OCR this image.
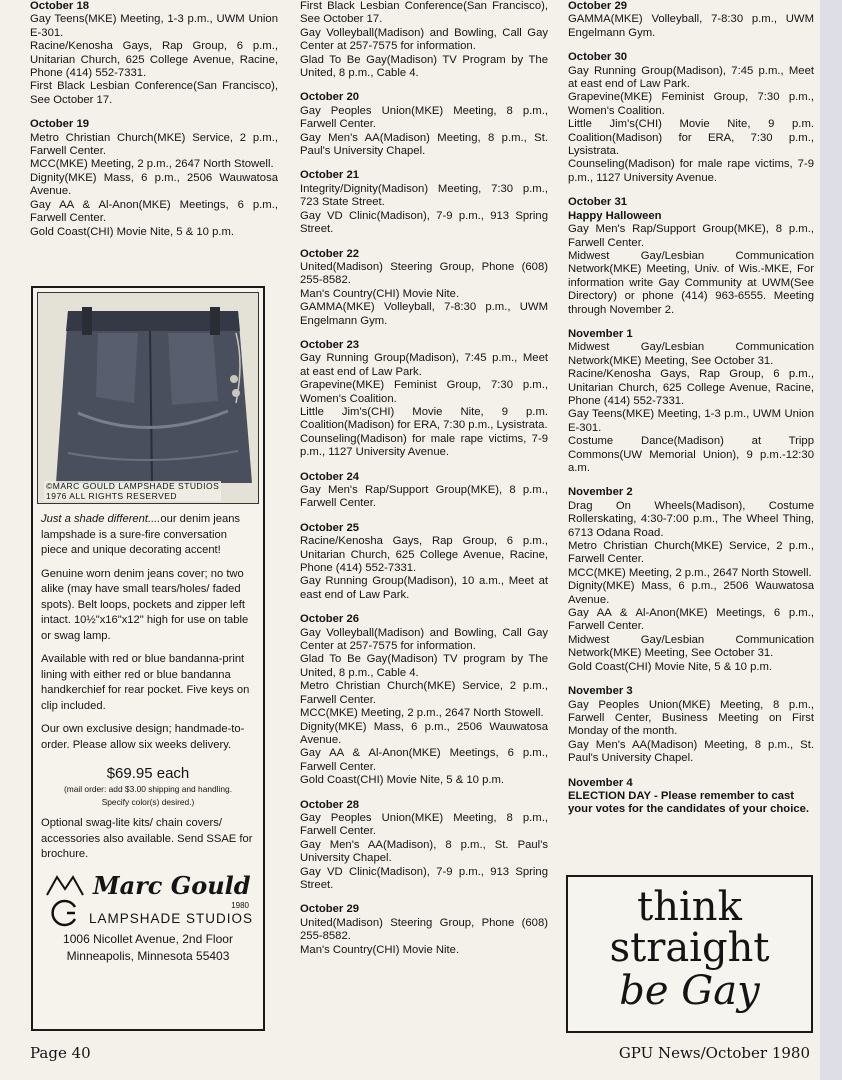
October 18
Gay Teens(MKE) Meeting, 1-3 p.m., UWM Union E-301.
Racine/Kenosha Gays, Rap Group, 6 p.m., Unitarian Church, 625 College Avenue, Racine, Phone (414) 552-7331.
First Black Lesbian Conference(San Francisco), See October 17.
October 19
Metro Christian Church(MKE) Service, 2 p.m., Farwell Center.
MCC(MKE) Meeting, 2 p.m., 2647 North Stowell.
Dignity(MKE) Mass, 6 p.m., 2506 Wauwatosa Avenue.
Gay AA & Al-Anon(MKE) Meetings, 6 p.m., Farwell Center.
Gold Coast(CHI) Movie Nite, 5 & 10 p.m.
©MARC GOULD LAMPSHADE STUDIOS
1976 ALL RIGHTS RESERVED

Just a shade different....our denim jeans lampshade is a sure-fire conversation piece and unique decorating accent!

Genuine worn denim jeans cover; no two alike (may have small tears/holes/ faded spots). Belt loops, pockets and zipper left intact. 10½"x16"x12" high for use on table or swag lamp.

Available with red or blue bandanna-print lining with either red or blue bandanna handkerchief for rear pocket. Five keys on clip included.

Our own exclusive design; handmade-to-order. Please allow six weeks delivery.

$69.95 each
(mail order: add $3.00 shipping and handling.
Specify color(s) desired.)

Optional swag-lite kits/ chain covers/ accessories also available. Send SSAE for brochure.

Marc Gould
1980
LAMPSHADE STUDIOS
1006 Nicollet Avenue, 2nd Floor
Minneapolis, Minnesota 55403
First Black Lesbian Conference(San Francisco), See October 17.
Gay Volleyball(Madison) and Bowling, Call Gay Center at 257-7575 for information.
Glad To Be Gay(Madison) TV Program by The United, 8 p.m., Cable 4.
October 20
Gay Peoples Union(MKE) Meeting, 8 p.m., Farwell Center.
Gay Men's AA(Madison) Meeting, 8 p.m., St. Paul's University Chapel.
October 21
Integrity/Dignity(Madison) Meeting, 7:30 p.m., 723 State Street.
Gay VD Clinic(Madison), 7-9 p.m., 913 Spring Street.
October 22
United(Madison) Steering Group, Phone (608) 255-8582.
Man's Country(CHI) Movie Nite.
GAMMA(MKE) Volleyball, 7-8:30 p.m., UWM Engelmann Gym.
October 23
Gay Running Group(Madison), 7:45 p.m., Meet at east end of Law Park.
Grapevine(MKE) Feminist Group, 7:30 p.m., Women's Coalition.
Little Jim's(CHI) Movie Nite, 9 p.m. Coalition(Madison) for ERA, 7:30 p.m., Lysistrata.
Counseling(Madison) for male rape victims, 7-9 p.m., 1127 University Avenue.
October 24
Gay Men's Rap/Support Group(MKE), 8 p.m., Farwell Center.
October 25
Racine/Kenosha Gays, Rap Group, 6 p.m., Unitarian Church, 625 College Avenue, Racine, Phone (414) 552-7331.
Gay Running Group(Madison), 10 a.m., Meet at east end of Law Park.
October 26
Gay Volleyball(Madison) and Bowling, Call Gay Center at 257-7575 for information.
Glad To Be Gay(Madison) TV program by The United, 8 p.m., Cable 4.
Metro Christian Church(MKE) Service, 2 p.m., Farwell Center.
MCC(MKE) Meeting, 2 p.m., 2647 North Stowell.
Dignity(MKE) Mass, 6 p.m., 2506 Wauwatosa Avenue.
Gay AA & Al-Anon(MKE) Meetings, 6 p.m., Farwell Center.
Gold Coast(CHI) Movie Nite, 5 & 10 p.m.
October 28
Gay Peoples Union(MKE) Meeting, 8 p.m., Farwell Center.
Gay Men's AA(Madison), 8 p.m., St. Paul's University Chapel.
Gay VD Clinic(Madison), 7-9 p.m., 913 Spring Street.
October 29
United(Madison) Steering Group, Phone (608) 255-8582.
Man's Country(CHI) Movie Nite.
October 29
GAMMA(MKE) Volleyball, 7-8:30 p.m., UWM Engelmann Gym.
October 30
Gay Running Group(Madison), 7:45 p.m., Meet at east end of Law Park.
Grapevine(MKE) Feminist Group, 7:30 p.m., Women's Coalition.
Little Jim's(CHI) Movie Nite, 9 p.m. Coalition(Madison) for ERA, 7:30 p.m., Lysistrata.
Counseling(Madison) for male rape victims, 7-9 p.m., 1127 University Avenue.
October 31
Happy Halloween
Gay Men's Rap/Support Group(MKE), 8 p.m., Farwell Center.
Midwest Gay/Lesbian Communication Network(MKE) Meeting, Univ. of Wis.-MKE, For information write Gay Community at UWM(See Directory) or phone (414) 963-6555. Meeting through November 2.
November 1
Midwest Gay/Lesbian Communication Network(MKE) Meeting, See October 31.
Racine/Kenosha Gays, Rap Group, 6 p.m., Unitarian Church, 625 College Avenue, Racine, Phone (414) 552-7331.
Gay Teens(MKE) Meeting, 1-3 p.m., UWM Union E-301.
Costume Dance(Madison) at Tripp Commons(UW Memorial Union), 9 p.m.-12:30 a.m.
November 2
Drag On Wheels(Madison), Costume Rollerskating, 4:30-7:00 p.m., The Wheel Thing, 6713 Odana Road.
Metro Christian Church(MKE) Service, 2 p.m., Farwell Center.
MCC(MKE) Meeting, 2 p.m., 2647 North Stowell.
Dignity(MKE) Mass, 6 p.m., 2506 Wauwatosa Avenue.
Gay AA & Al-Anon(MKE) Meetings, 6 p.m., Farwell Center.
Midwest Gay/Lesbian Communication Network(MKE) Meeting, See October 31.
Gold Coast(CHI) Movie Nite, 5 & 10 p.m.
November 3
Gay Peoples Union(MKE) Meeting, 8 p.m., Farwell Center, Business Meeting on First Monday of the month.
Gay Men's AA(Madison) Meeting, 8 p.m., St. Paul's University Chapel.
November 4
ELECTION DAY - Please remember to cast your votes for the candidates of your choice.
think
straight
be Gay
Page 40	GPU News/October 1980
